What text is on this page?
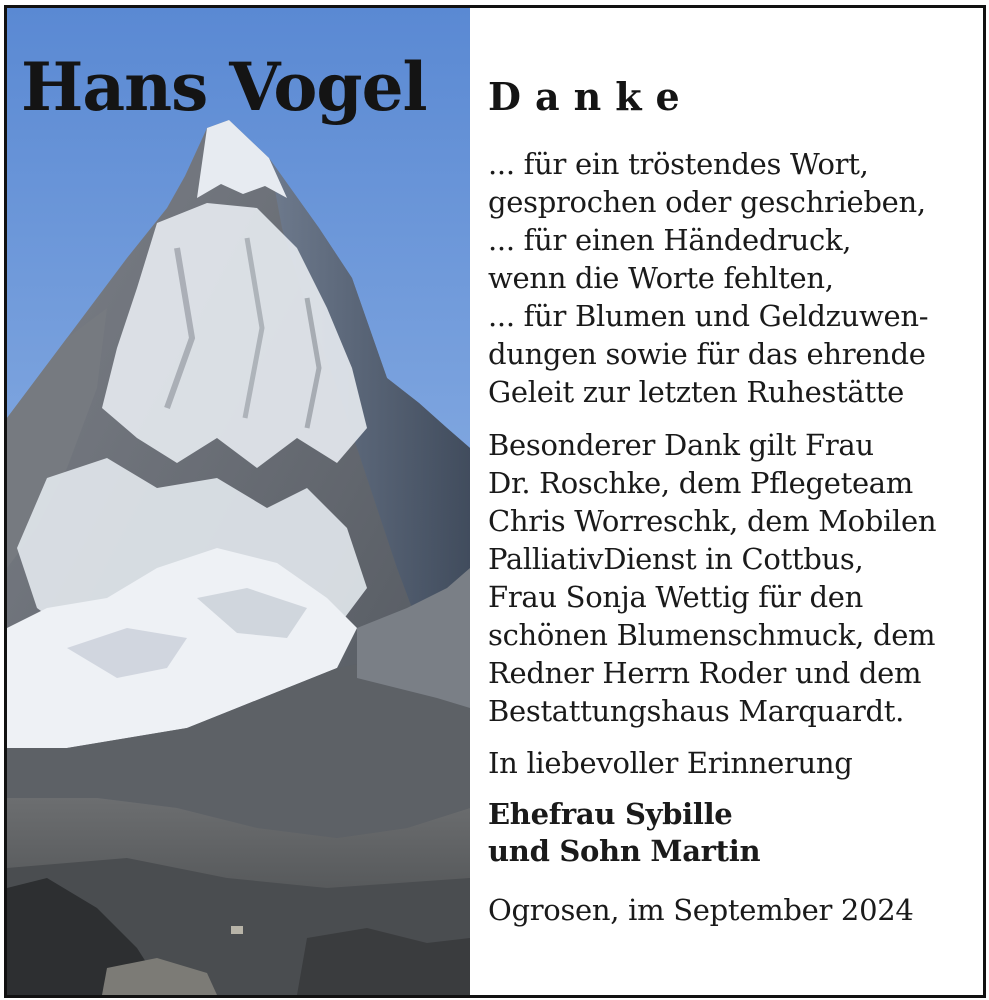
Hans Vogel Danke
... für ein tröstendes Wort,
gesprochen oder geschrieben,
... für einen Händedruck,
wenn die Worte fehlten,
... für Blumen und Geldzuwen-
dungen sowie für das ehrende
Geleit zur letzten Ruhestätte
Besonderer Dank gilt Frau
Dr. Roschke, dem Pflegeteam
Chris Worreschk, dem Mobilen
PalliativDienst in Cottbus,
Frau Sonja Wettig für den
schönen Blumenschmuck, dem
Redner Herrn Roder und dem
Bestattungshaus Marquardt.

In liebevoller Erinnerung

Ehefrau Sybille
und Sohn Martin

Ogrosen, im September 2024
